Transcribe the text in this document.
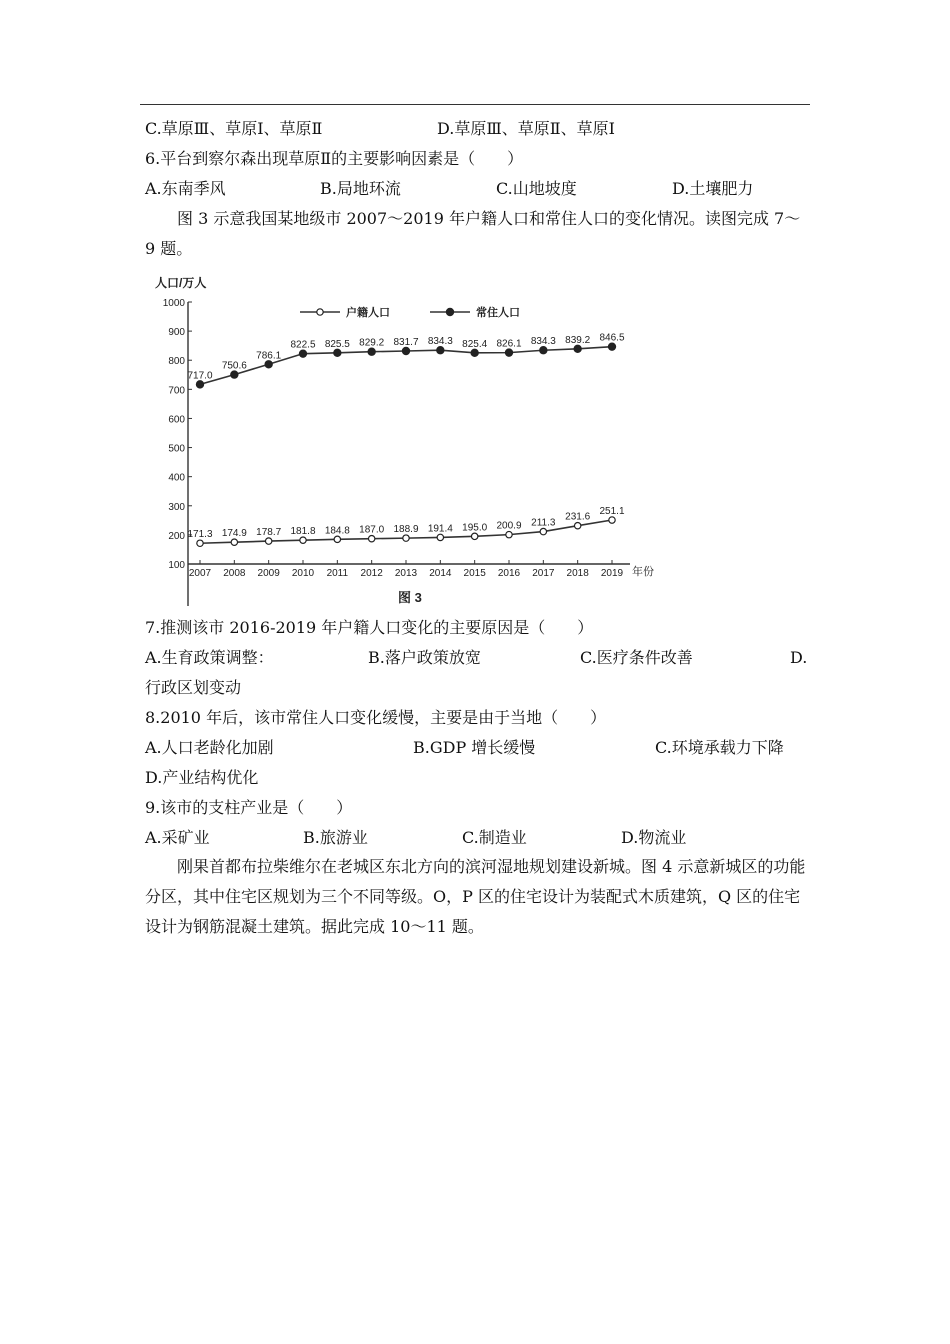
C.草原Ⅲ、草原Ⅰ、草原Ⅱ	D.草原Ⅲ、草原Ⅱ、草原Ⅰ
6.平台到察尔森出现草原Ⅱ的主要影响因素是（　　）
A.东南季风	B.局地环流	C.山地坡度	D.土壤肥力
图 3 示意我国某地级市 2007～2019 年户籍人口和常住人口的变化情况。读图完成 7～9 题。
100
200
300
400
500
600
700
800
900
1000
2007 2008 2009 2010 2011 2012 2013 2014 2015 2016 2017 2018 2019
171.3 174.9 178.7 181.8 184.8 187.0 188.9 191.4 195.0 200.9 211.3
231.6
251.1
717.0
750.6
786.1
822.5 825.5 829.2 831.7 834.3 825.4 826.1 834.3 839.2 846.5
户籍人口	常住人口
人口/万人
年份
图 3
7.推测该市 2016-2019 年户籍人口变化的主要原因是（　　）
A.生育政策调整：	B.落户政策放宽	C.医疗条件改善	D.
行政区划变动
8.2010 年后，该市常住人口变化缓慢，主要是由于当地（　　）
A.人口老龄化加剧	B.GDP 增长缓慢	C.环境承载力下降
D.产业结构优化
9.该市的支柱产业是（　　）
A.采矿业	B.旅游业	C.制造业	D.物流业
刚果首都布拉柴维尔在老城区东北方向的滨河湿地规划建设新城。图 4 示意新城区的功能分区，其中住宅区规划为三个不同等级。O，P 区的住宅设计为装配式木质建筑，Q 区的住宅设计为钢筋混凝土建筑。据此完成 10～11 题。
